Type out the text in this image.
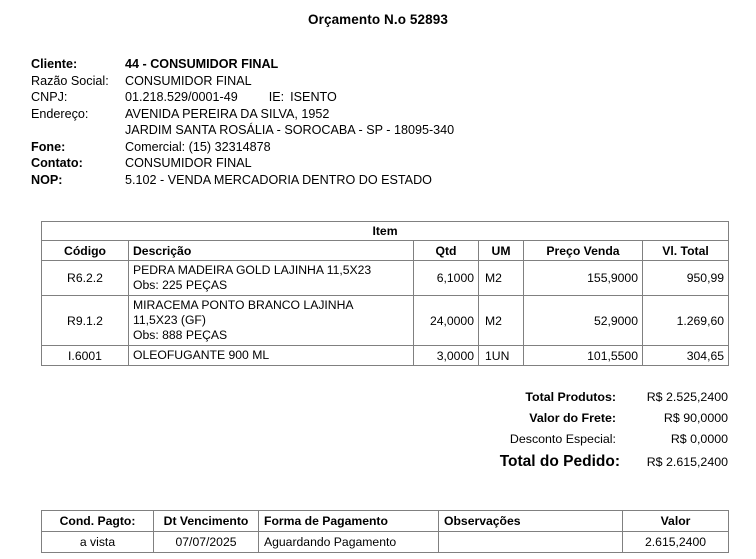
Orçamento N.o 52893
Cliente:	44 - CONSUMIDOR FINAL
Razão Social: CONSUMIDOR FINAL
CNPJ:	01.218.529/0001-49 IE: ISENTO
Endereço:	AVENIDA PEREIRA DA SILVA, 1952
JARDIM SANTA ROSÁLIA - SOROCABA - SP - 18095-340
Fone:	Comercial: (15) 32314878
Contato:	CONSUMIDOR FINAL
NOP:	5.102 - VENDA MERCADORIA DENTRO DO ESTADO
Item					
Código	Descrição	Qtd	UM	Preço Venda	Vl. Total
R6.2.2	PEDRA MADEIRA GOLD LAJINHA 11,5X23
Obs: 225 PEÇAS	6,1000	M2	155,9000	950,99
R9.1.2	MIRACEMA PONTO BRANCO LAJINHA
11,5X23 (GF)
Obs: 888 PEÇAS	24,0000	M2	52,9000	1.269,60
I.6001	OLEOFUGANTE 900 ML	3,0000	1UN	101,5500	304,65
Total Produtos:	R$ 2.525,2400
Valor do Frete:	R$ 90,0000
Desconto Especial:	R$ 0,0000
Total do Pedido:	R$ 2.615,2400
Cond. Pagto:	Dt Vencimento	Forma de Pagamento	Observações	Valor
a vista	07/07/2025	Aguardando Pagamento		2.615,2400
